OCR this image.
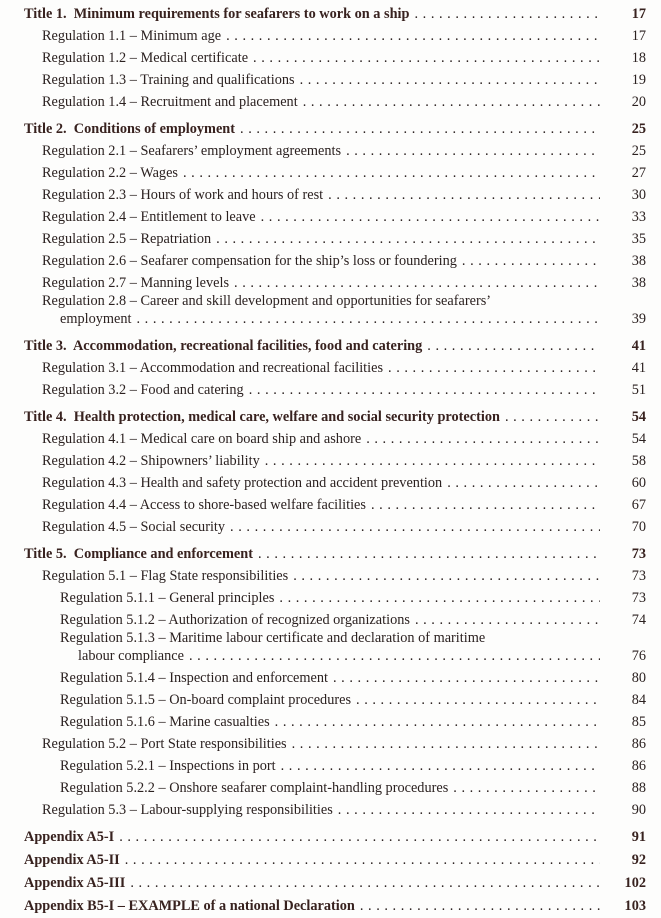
Title 1.  Minimum requirements for seafarers to work on a ship .....	17
Regulation 1.1 – Minimum age .....	17
Regulation 1.2 – Medical certificate .....	18
Regulation 1.3 – Training and qualifications .....	19
Regulation 1.4 – Recruitment and placement .....	20
Title 2.  Conditions of employment .....	25
Regulation 2.1 – Seafarers’ employment agreements .....	25
Regulation 2.2 – Wages .....	27
Regulation 2.3 – Hours of work and hours of rest .....	30
Regulation 2.4 – Entitlement to leave .....	33
Regulation 2.5 – Repatriation .....	35
Regulation 2.6 – Seafarer compensation for the ship’s loss or foundering .....	38
Regulation 2.7 – Manning levels .....	38
Regulation 2.8 – Career and skill development and opportunities for seafarers’
employment .....	39
Title 3.  Accommodation, recreational facilities, food and catering .....	41
Regulation 3.1 – Accommodation and recreational facilities .....	41
Regulation 3.2 – Food and catering .....	51
Title 4.  Health protection, medical care, welfare and social security protection .....	54
Regulation 4.1 – Medical care on board ship and ashore .....	54
Regulation 4.2 – Shipowners’ liability .....	58
Regulation 4.3 – Health and safety protection and accident prevention .....	60
Regulation 4.4 – Access to shore-based welfare facilities .....	67
Regulation 4.5 – Social security .....	70
Title 5.  Compliance and enforcement .....	73
Regulation 5.1 – Flag State responsibilities .....	73
Regulation 5.1.1 – General principles .....	73
Regulation 5.1.2 – Authorization of recognized organizations .....	74
Regulation 5.1.3 – Maritime labour certificate and declaration of maritime
labour compliance .....	76
Regulation 5.1.4 – Inspection and enforcement .....	80
Regulation 5.1.5 – On-board complaint procedures .....	84
Regulation 5.1.6 – Marine casualties .....	85
Regulation 5.2 – Port State responsibilities .....	86
Regulation 5.2.1 – Inspections in port .....	86
Regulation 5.2.2 – Onshore seafarer complaint-handling procedures .....	88
Regulation 5.3 – Labour-supplying responsibilities .....	90
Appendix A5-I .....	91
Appendix A5-II .....	92
Appendix A5-III .....	102
Appendix B5-I – EXAMPLE of a national Declaration .....	103
